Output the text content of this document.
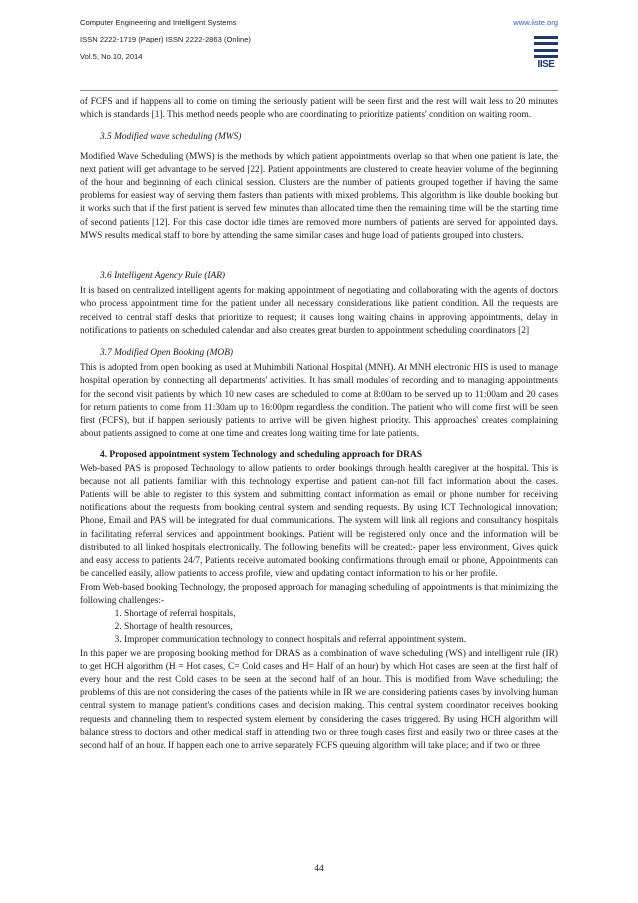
Computer Engineering and Intelligent Systems
ISSN 2222-1719 (Paper) ISSN 2222-2863 (Online)
Vol.5, No.10, 2014
www.iiste.org
IISE

of FCFS and if happens all to come on timing the seriously patient will be seen first and the rest will wait less to 20 minutes which is standards [1]. This method needs people who are coordinating to prioritize patients' condition on waiting room.

3.5 Modified wave scheduling (MWS)

Modified Wave Scheduling (MWS) is the methods by which patient appointments overlap so that when one patient is late, the next patient will get advantage to be served [22]. Patient appointments are clustered to create heavier volume of the beginning of the hour and beginning of each clinical session. Clusters are the number of patients grouped together if having the same problems for easiest way of serving them fasters than patients with mixed problems. This algorithm is like double booking but it works such that if the first patient is served few minutes than allocated time then the remaining time will be the starting time of second patients [12]. For this case doctor idle times are removed more numbers of patients are served for appointed days. MWS results medical staff to bore by attending the same similar cases and huge load of patients grouped into clusters.

3.6 Intelligent Agency Rule (IAR)

It is based on centralized intelligent agents for making appointment of negotiating and collaborating with the agents of doctors who process appointment time for the patient under all necessary considerations like patient condition. All the requests are received to central staff desks that prioritize to request; it causes long waiting chains in approving appointments, delay in notifications to patients on scheduled calendar and also creates great burden to appointment scheduling coordinators [2]

3.7 Modified Open Booking (MOB)

This is adopted from open booking as used at Muhimbili National Hospital (MNH). At MNH electronic HIS is used to manage hospital operation by connecting all departments' activities. It has small modules of recording and to managing appointments for the second visit patients by which 10 new cases are scheduled to come at 8:00am to be served up to 11:00am and 20 cases for return patients to come from 11:30am up to 16:00pm regardless the condition. The patient who will come first will be seen first (FCFS), but if happen seriously patients to arrive will be given highest priority. This approaches' creates complaining about patients assigned to come at one time and creates long waiting time for late patients.

4. Proposed appointment system Technology and scheduling approach for DRAS

Web-based PAS is proposed Technology to allow patients to order bookings through health caregiver at the hospital. This is because not all patients familiar with this technology expertise and patient can-not fill fact information about the cases. Patients will be able to register to this system and submitting contact information as email or phone number for receiving notifications about the requests from booking central system and sending requests. By using ICT Technological innovation; Phone, Email and PAS will be integrated for dual communications. The system will link all regions and consultancy hospitals in facilitating referral services and appointment bookings. Patient will be registered only once and the information will be distributed to all linked hospitals electronically. The following benefits will be created:- paper less environment, Gives quick and easy access to patients 24/7, Patients receive automated booking confirmations through email or phone, Appointments can be cancelled easily, allow patients to access profile, view and updating contact information to his or her profile.

From Web-based booking Technology, the proposed approach for managing scheduling of appointments is that minimizing the following challenges:-

1. Shortage of referral hospitals,
2. Shortage of health resources,
3. Improper communication technology to connect hospitals and referral appointment system.

In this paper we are proposing booking method for DRAS as a combination of wave scheduling (WS) and intelligent rule (IR) to get HCH algorithm (H = Hot cases, C= Cold cases and H= Half of an hour) by which Hot cases are seen at the first half of every hour and the rest Cold cases to be seen at the second half of an hour. This is modified from Wave scheduling; the problems of this are not considering the cases of the patients while in IR we are considering patients cases by involving human central system to manage patient's conditions cases and decision making. This central system coordinator receives booking requests and channeling them to respected system element by considering the cases triggered. By using HCH algorithm will balance stress to doctors and other medical staff in attending two or three tough cases first and easily two or three cases at the second half of an hour. If happen each one to arrive separately FCFS queuing algorithm will take place; and if two or three

44
